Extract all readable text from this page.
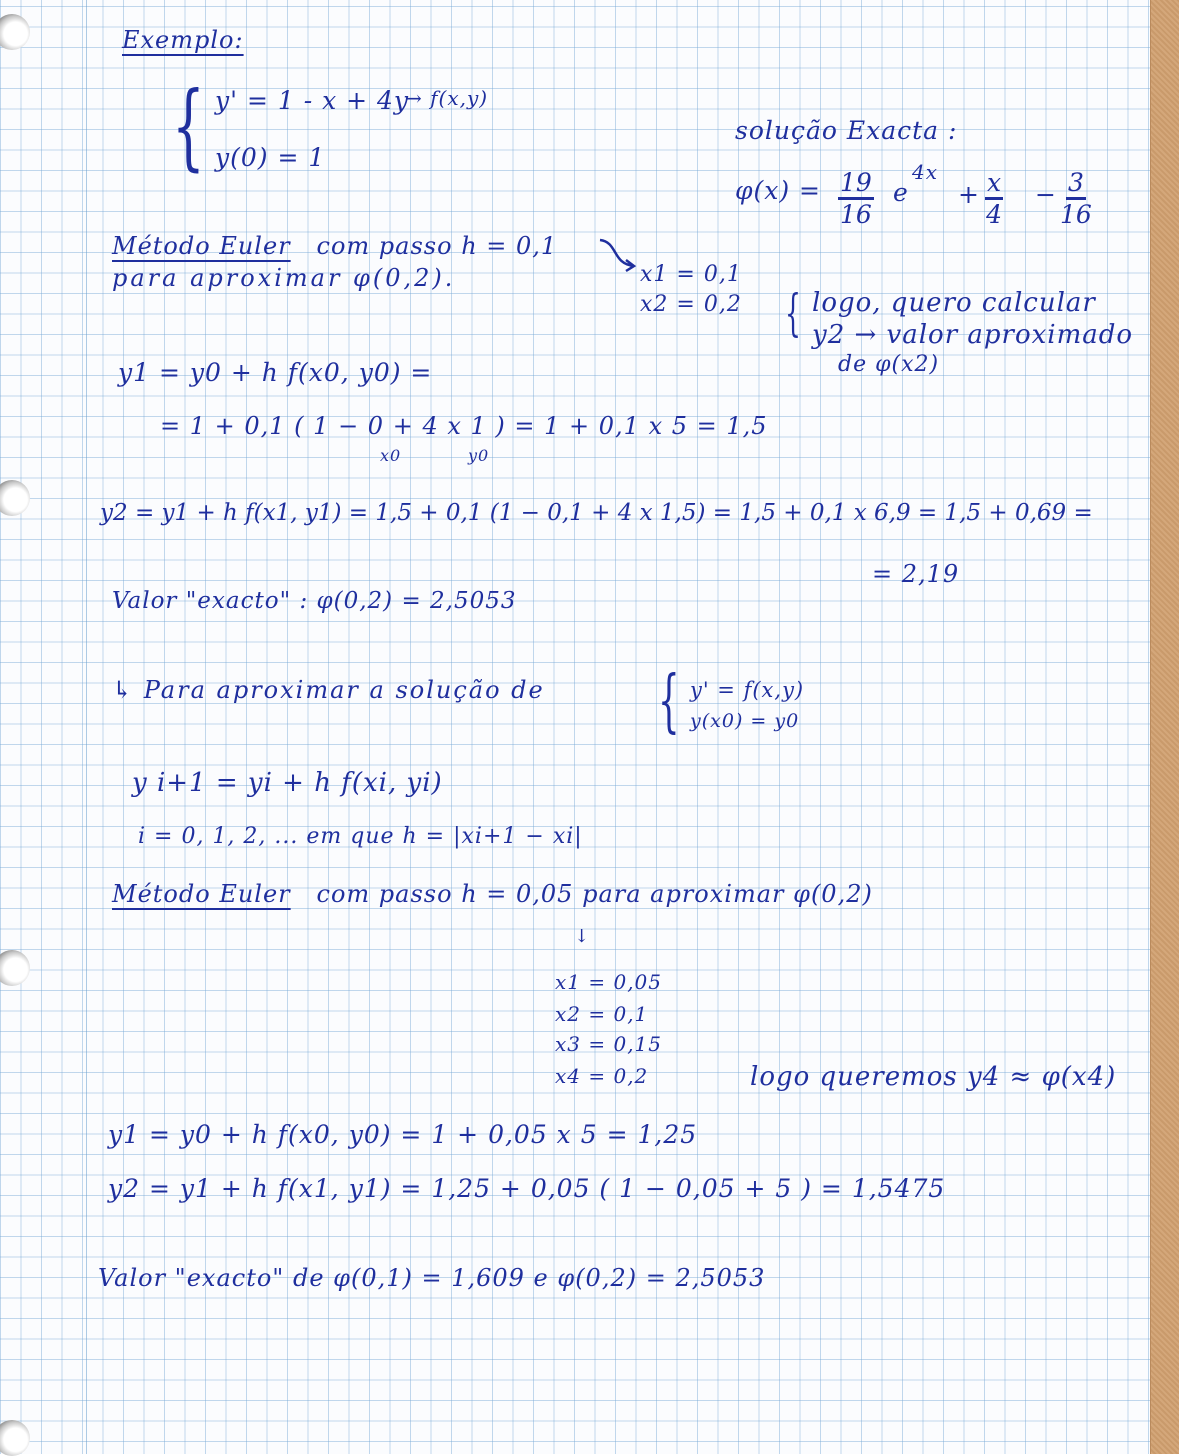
Exemplo:
{ y' = 1 - x + 4y
→ f(x,y)
y(0) = 1
solução Exacta :
$\varphi(x) = \frac{19}{16}$ e
4x
+ $\frac{x}{4} - \frac{3}{16}$
Método Euler com passo h = 0,1
para aproximar φ(0,2).	x1 = 0,1
x2 = 0,2 { logo, quero calcular
y2 → valor aproximado
de φ(x2)
y1 = y0 + h f(x0, y0) =
= 1 + 0,1 ( 1 − 0 + 4 x 1 ) = 1 + 0,1 x 5 = 1,5
x0	y0
y2 = y1 + h f(x1, y1) = 1,5 + 0,1 (1 − 0,1 + 4 x 1,5) = 1,5 + 0,1 x 6,9 = 1,5 + 0,69 =
= 2,19
Valor "exacto" : φ(0,2) = 2,5053
↳ Para aproximar a solução de { y' = f(x,y)
y(x0) = y0
y i+1 = yi + h f(xi, yi)
i = 0, 1, 2, ... em que h = |xi+1 − xi|
Método Euler com passo h = 0,05 para aproximar φ(0,2)
↓
x1 = 0,05
x2 = 0,1
x3 = 0,15
x4 = 0,2	logo queremos y4 ≈ φ(x4)
y1 = y0 + h f(x0, y0) = 1 + 0,05 x 5 = 1,25
y2 = y1 + h f(x1, y1) = 1,25 + 0,05 ( 1 − 0,05 + 5 ) = 1,5475
Valor "exacto" de φ(0,1) = 1,609 e φ(0,2) = 2,5053
